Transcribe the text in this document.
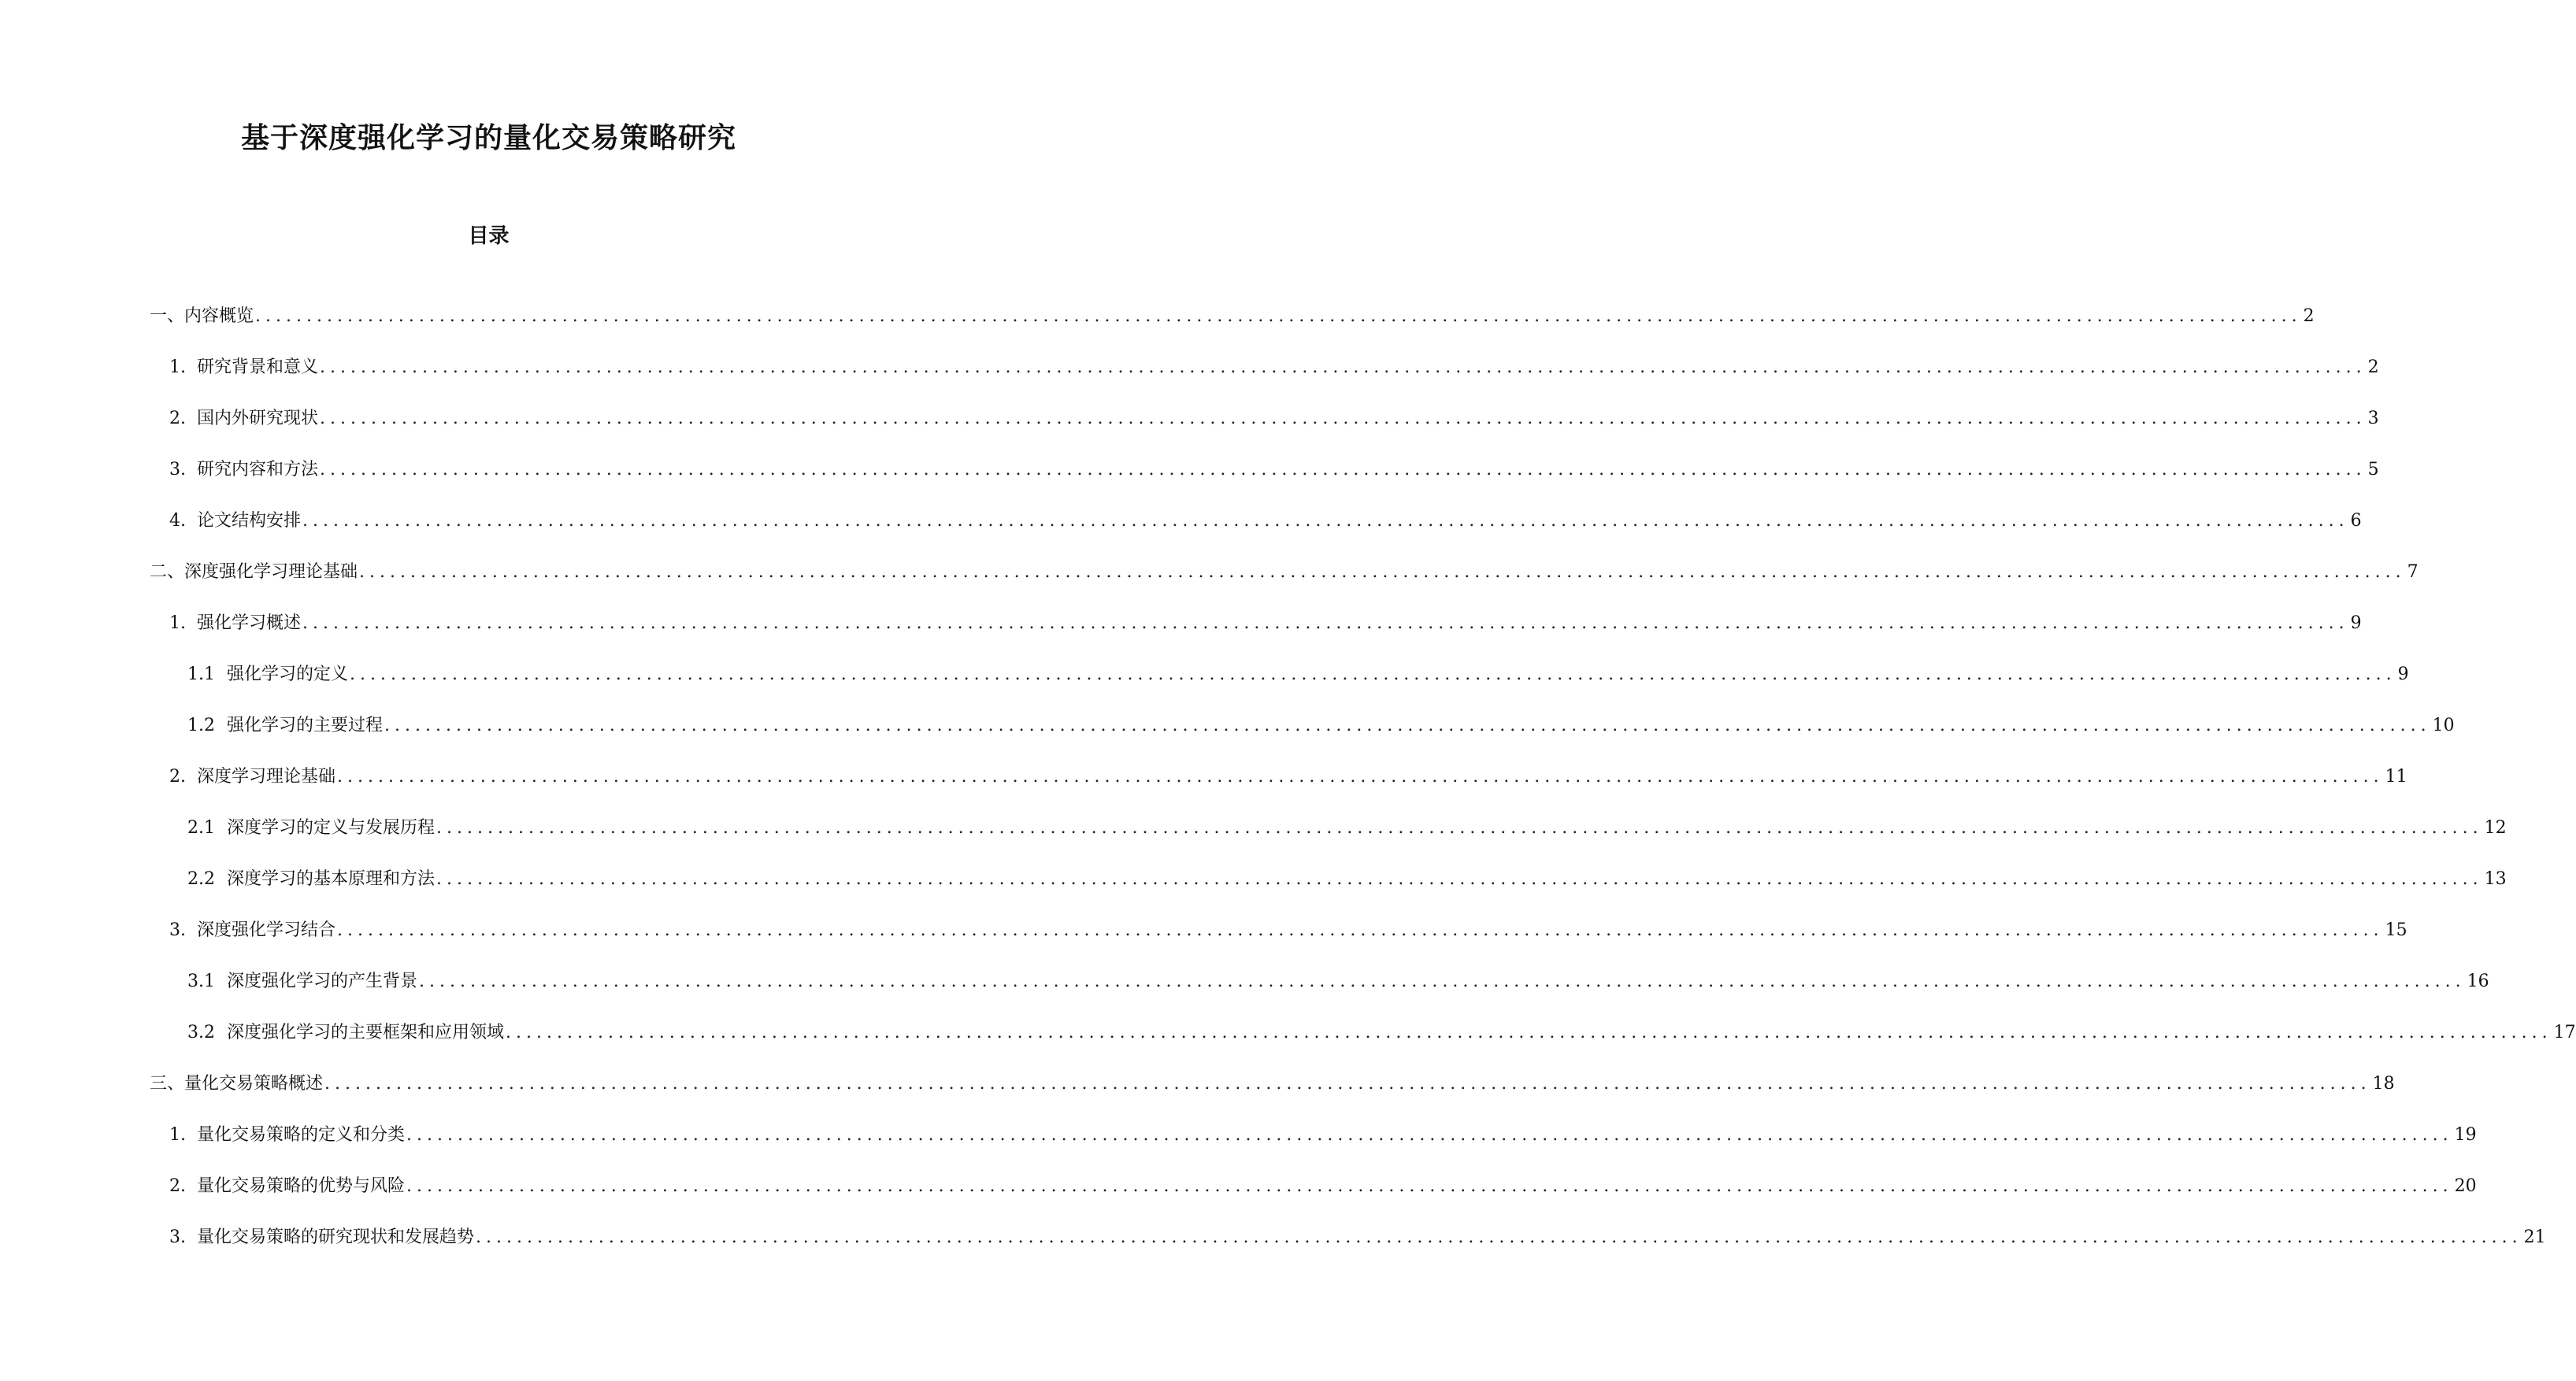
基于深度强化学习的量化交易策略研究
目录
一、内容概览 ........................................................................................................................................................................................................ 2
1. 研究背景和意义 ........................................................................................................................................................................................................ 2
2. 国内外研究现状 ........................................................................................................................................................................................................ 3
3. 研究内容和方法 ........................................................................................................................................................................................................ 5
4. 论文结构安排 ........................................................................................................................................................................................................ 6
二、深度强化学习理论基础 ........................................................................................................................................................................................................ 7
1. 强化学习概述 ........................................................................................................................................................................................................ 9
1.1 强化学习的定义 ........................................................................................................................................................................................................ 9
1.2 强化学习的主要过程 ........................................................................................................................................................................................................ 10
2. 深度学习理论基础 ........................................................................................................................................................................................................ 11
2.1 深度学习的定义与发展历程 ........................................................................................................................................................................................................ 12
2.2 深度学习的基本原理和方法 ........................................................................................................................................................................................................ 13
3. 深度强化学习结合 ........................................................................................................................................................................................................ 15
3.1 深度强化学习的产生背景 ........................................................................................................................................................................................................ 16
3.2 深度强化学习的主要框架和应用领域 ........................................................................................................................................................................................................ 17
三、量化交易策略概述 ........................................................................................................................................................................................................ 18
1. 量化交易策略的定义和分类 ........................................................................................................................................................................................................ 19
2. 量化交易策略的优势与风险 ........................................................................................................................................................................................................ 20
3. 量化交易策略的研究现状和发展趋势 ........................................................................................................................................................................................................ 21
